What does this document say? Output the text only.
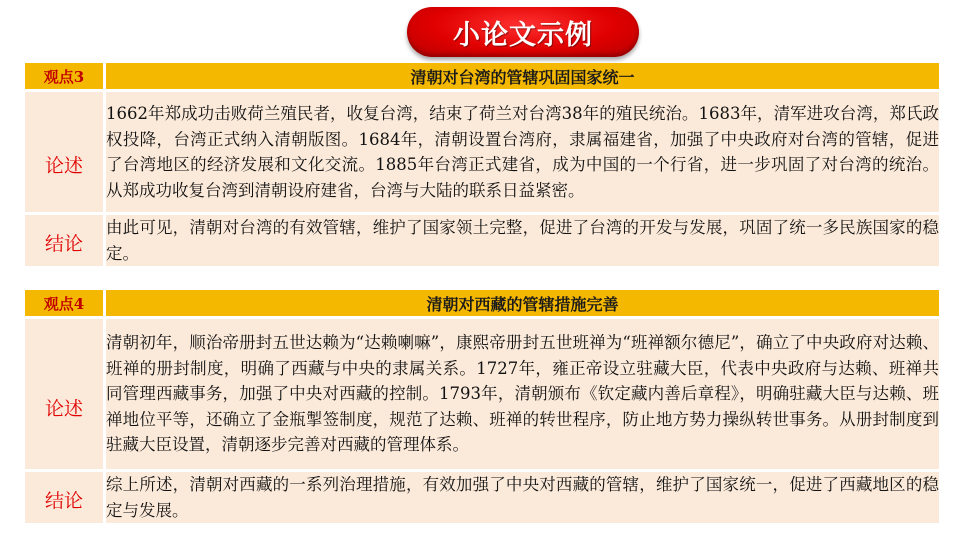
小论文示例
观点3	清朝对台湾的管辖巩固国家统一
论述	1662年郑成功击败荷兰殖民者，收复台湾，结束了荷兰对台湾38年的殖民统治。1683年，清军进攻台湾，郑氏政权投降，台湾正式纳入清朝版图。1684年，清朝设置台湾府，隶属福建省，加强了中央政府对台湾的管辖，促进了台湾地区的经济发展和文化交流。1885年台湾正式建省，成为中国的一个行省，进一步巩固了对台湾的统治。从郑成功收复台湾到清朝设府建省，台湾与大陆的联系日益紧密。
结论	由此可见，清朝对台湾的有效管辖，维护了国家领土完整，促进了台湾的开发与发展，巩固了统一多民族国家的稳定。
观点4	清朝对西藏的管辖措施完善
论述	清朝初年，顺治帝册封五世达赖为“达赖喇嘛”，康熙帝册封五世班禅为“班禅额尔德尼”，确立了中央政府对达赖、班禅的册封制度，明确了西藏与中央的隶属关系。1727年，雍正帝设立驻藏大臣，代表中央政府与达赖、班禅共同管理西藏事务，加强了中央对西藏的控制。1793年，清朝颁布《钦定藏内善后章程》，明确驻藏大臣与达赖、班禅地位平等，还确立了金瓶掣签制度，规范了达赖、班禅的转世程序，防止地方势力操纵转世事务。从册封制度到驻藏大臣设置，清朝逐步完善对西藏的管理体系。
结论	综上所述，清朝对西藏的一系列治理措施，有效加强了中央对西藏的管辖，维护了国家统一，促进了西藏地区的稳定与发展。
